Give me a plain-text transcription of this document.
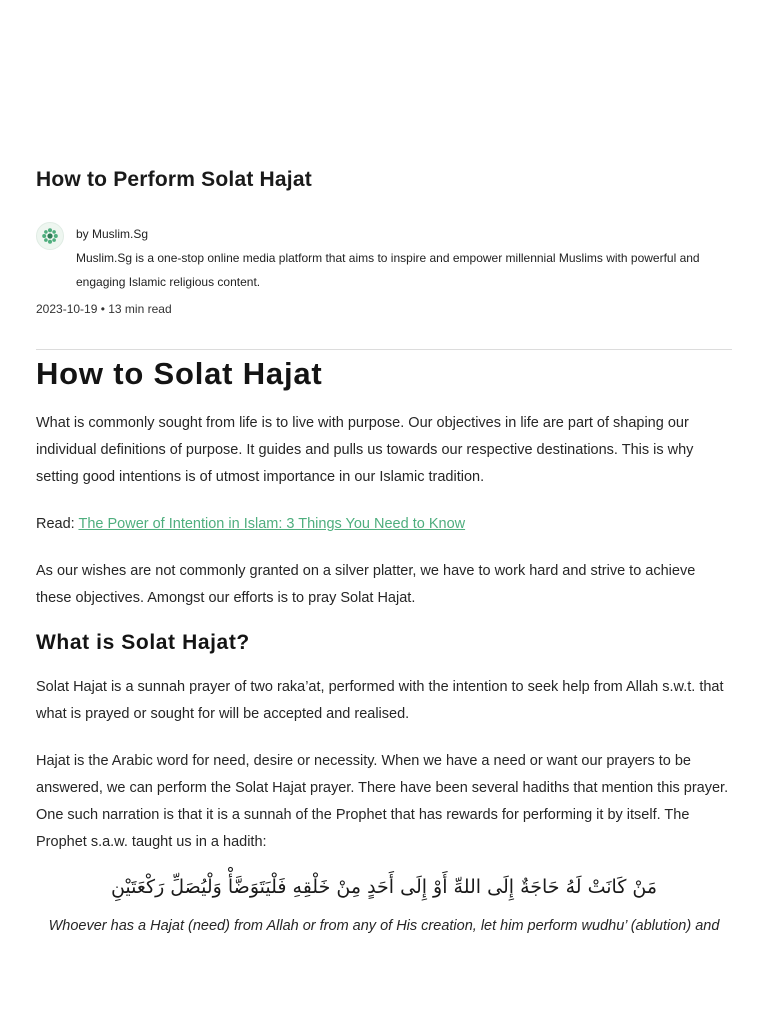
How to Perform Solat Hajat
by Muslim.Sg
Muslim.Sg is a one-stop online media platform that aims to inspire and empower millennial Muslims with powerful and engaging Islamic religious content.
2023-10-19 • 13 min read
How to Solat Hajat

What is commonly sought from life is to live with purpose. Our objectives in life are part of shaping our individual definitions of purpose. It guides and pulls us towards our respective destinations. This is why setting good intentions is of utmost importance in our Islamic tradition.

Read: The Power of Intention in Islam: 3 Things You Need to Know

As our wishes are not commonly granted on a silver platter, we have to work hard and strive to achieve these objectives. Amongst our efforts is to pray Solat Hajat.

What is Solat Hajat?

Solat Hajat is a sunnah prayer of two raka’at, performed with the intention to seek help from Allah s.w.t. that what is prayed or sought for will be accepted and realised.

Hajat is the Arabic word for need, desire or necessity. When we have a need or want our prayers to be answered, we can perform the Solat Hajat prayer. There have been several hadiths that mention this prayer. One such narration is that it is a sunnah of the Prophet that has rewards for performing it by itself. The Prophet s.a.w. taught us in a hadith:

مَنْ كَانَتْ لَهُ حَاجَةٌ إِلَى اللهِّ أَوْ إِلَى أَحَدٍ مِنْ خَلْقِهِ فَلْيَتَوَضَّأْ وَلْيُصَلِّ رَكْعَتَيْنِ
Whoever has a Hajat (need) from Allah or from any of His creation, let him perform wudhu’ (ablution) and
